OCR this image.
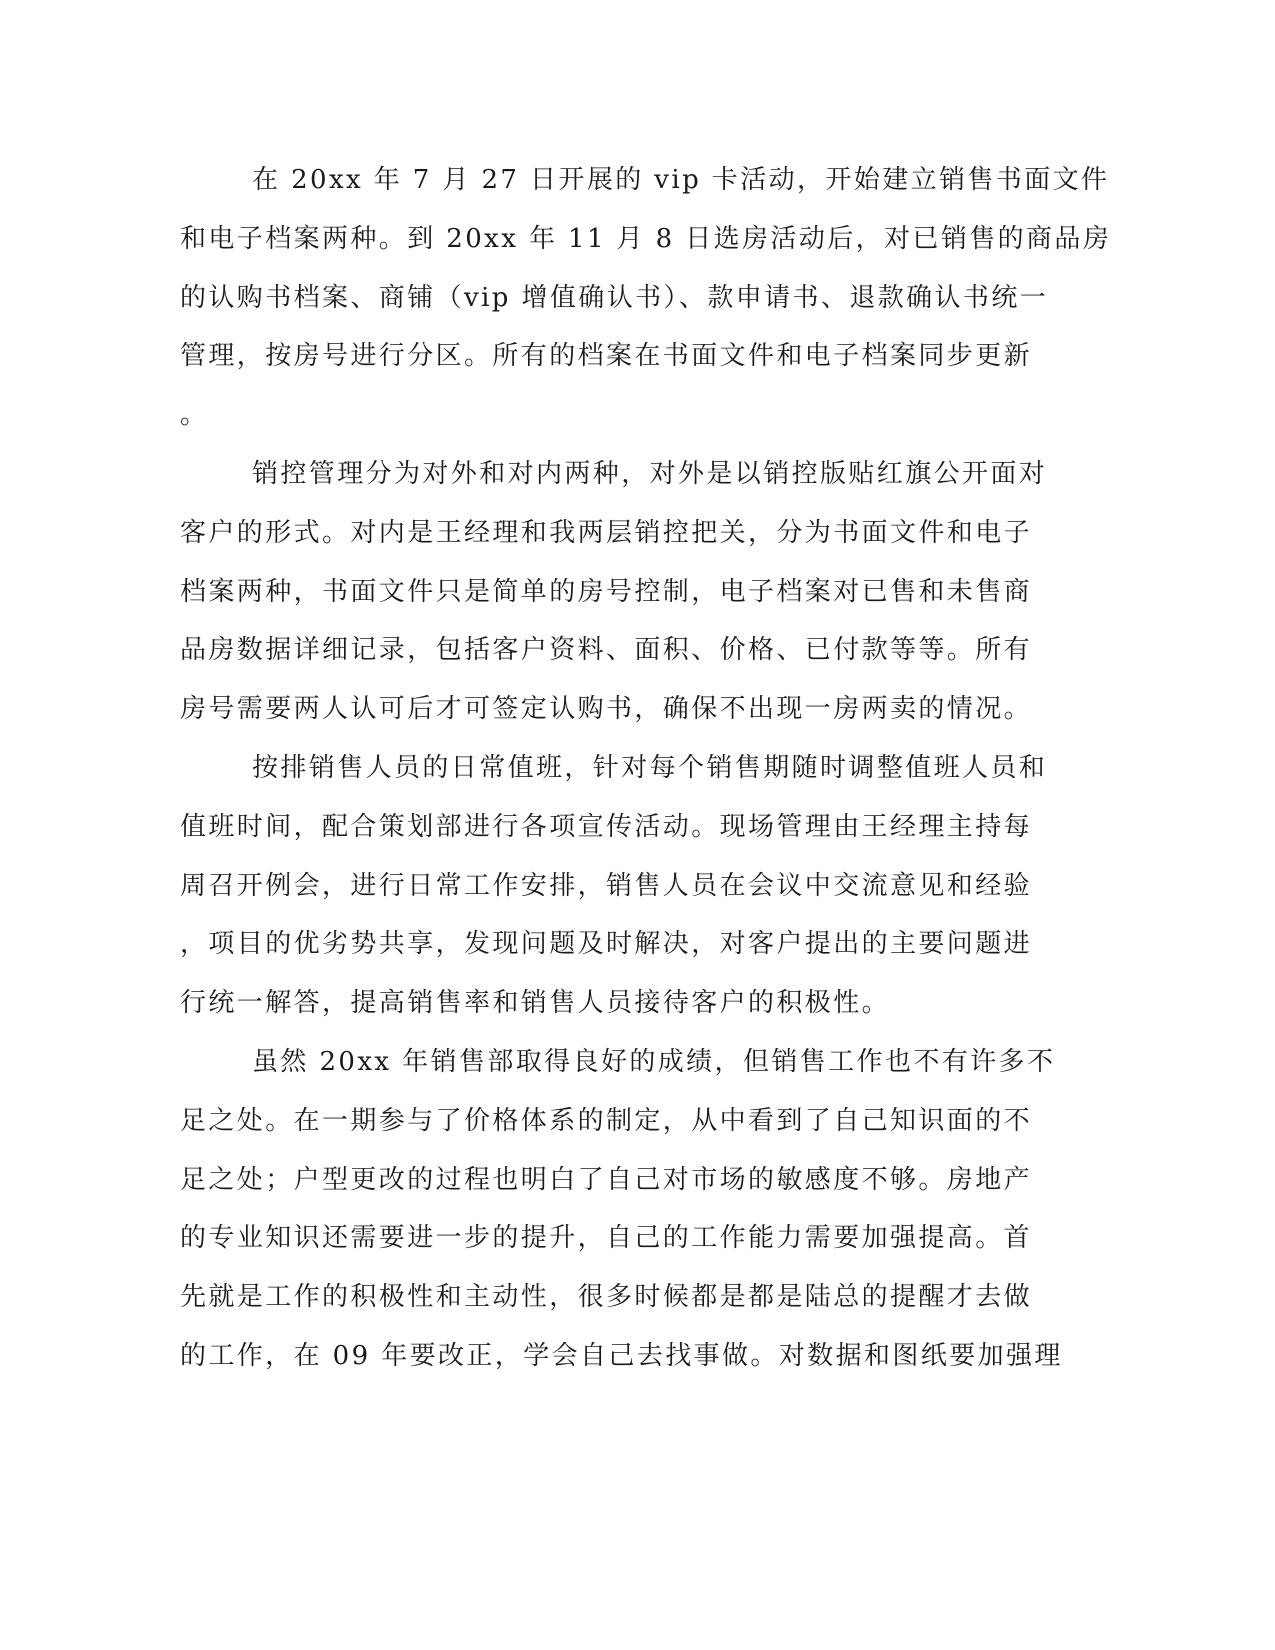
在 20xx 年 7 月 27 日开展的 vip 卡活动，开始建立销售书面文件
和电子档案两种。到 20xx 年 11 月 8 日选房活动后，对已销售的商品房
的认购书档案、商铺（vip 增值确认书）、款申请书、退款确认书统一
管理，按房号进行分区。所有的档案在书面文件和电子档案同步更新
。
销控管理分为对外和对内两种，对外是以销控版贴红旗公开面对
客户的形式。对内是王经理和我两层销控把关，分为书面文件和电子
档案两种，书面文件只是简单的房号控制，电子档案对已售和未售商
品房数据详细记录，包括客户资料、面积、价格、已付款等等。所有
房号需要两人认可后才可签定认购书，确保不出现一房两卖的情况。
按排销售人员的日常值班，针对每个销售期随时调整值班人员和
值班时间，配合策划部进行各项宣传活动。现场管理由王经理主持每
周召开例会，进行日常工作安排，销售人员在会议中交流意见和经验
，项目的优劣势共享，发现问题及时解决，对客户提出的主要问题进
行统一解答，提高销售率和销售人员接待客户的积极性。
虽然 20xx 年销售部取得良好的成绩，但销售工作也不有许多不
足之处。在一期参与了价格体系的制定，从中看到了自己知识面的不
足之处；户型更改的过程也明白了自己对市场的敏感度不够。房地产
的专业知识还需要进一步的提升，自己的工作能力需要加强提高。首
先就是工作的积极性和主动性，很多时候都是都是陆总的提醒才去做
的工作，在 09 年要改正，学会自己去找事做。对数据和图纸要加强理
